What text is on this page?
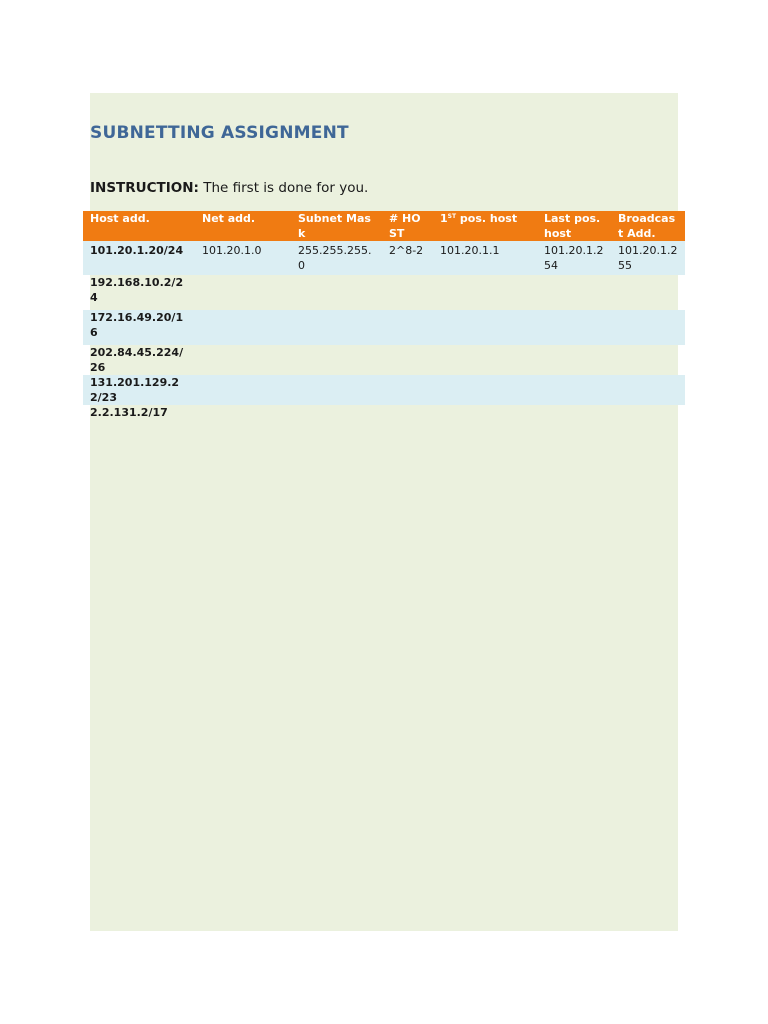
SUBNETTING ASSIGNMENT

INSTRUCTION: The first is done for you.

Host add.	Net add.	Subnet Mask	# HOST	1ST pos. host	Last pos. host	Broadcast Add.
101.20.1.20/24	101.20.1.0	255.255.255.0	2^8-2	101.20.1.1	101.20.1.254	101.20.1.255
192.168.10.2/24						
172.16.49.20/16						
202.84.45.224/26						
131.201.129.22/23						
2.2.131.2/17						
